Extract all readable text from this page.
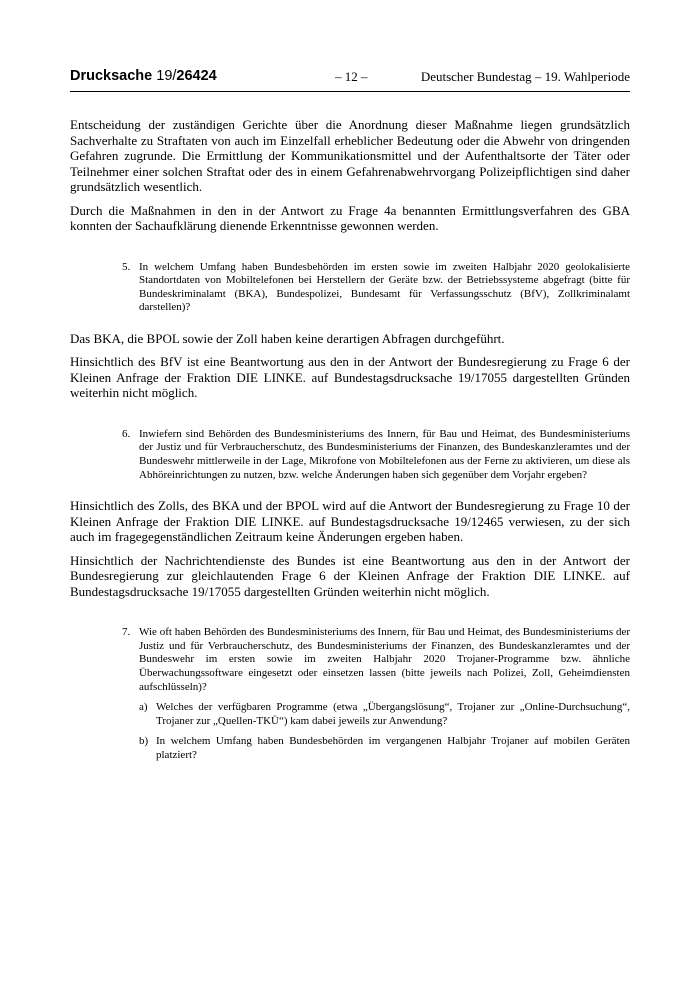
Drucksache 19/26424	– 12 –	Deutscher Bundestag – 19. Wahlperiode

Entscheidung der zuständigen Gerichte über die Anordnung dieser Maßnahme liegen grundsätzlich Sachverhalte zu Straftaten von auch im Einzelfall erheblicher Bedeutung oder die Abwehr von dringenden Gefahren zugrunde. Die Ermittlung der Kommunikationsmittel und der Aufenthaltsorte der Täter oder Teilnehmer einer solchen Straftat oder des in einem Gefahrenabwehrvorgang Polizeipflichtigen sind daher grundsätzlich wesentlich.

Durch die Maßnahmen in den in der Antwort zu Frage 4a benannten Ermittlungsverfahren des GBA konnten der Sachaufklärung dienende Erkenntnisse gewonnen werden.

5. In welchem Umfang haben Bundesbehörden im ersten sowie im zweiten Halbjahr 2020 geolokalisierte Standortdaten von Mobiltelefonen bei Herstellern der Geräte bzw. der Betriebssysteme abgefragt (bitte für Bundeskriminalamt (BKA), Bundespolizei, Bundesamt für Verfassungsschutz (BfV), Zollkriminalamt darstellen)?

Das BKA, die BPOL sowie der Zoll haben keine derartigen Abfragen durchgeführt.

Hinsichtlich des BfV ist eine Beantwortung aus den in der Antwort der Bundesregierung zu Frage 6 der Kleinen Anfrage der Fraktion DIE LINKE. auf Bundestagsdrucksache 19/17055 dargestellten Gründen weiterhin nicht möglich.

6. Inwiefern sind Behörden des Bundesministeriums des Innern, für Bau und Heimat, des Bundesministeriums der Justiz und für Verbraucherschutz, des Bundesministeriums der Finanzen, des Bundeskanzleramtes und der Bundeswehr mittlerweile in der Lage, Mikrofone von Mobiltelefonen aus der Ferne zu aktivieren, um diese als Abhöreinrichtungen zu nutzen, bzw. welche Änderungen haben sich gegenüber dem Vorjahr ergeben?

Hinsichtlich des Zolls, des BKA und der BPOL wird auf die Antwort der Bundesregierung zu Frage 10 der Kleinen Anfrage der Fraktion DIE LINKE. auf Bundestagsdrucksache 19/12465 verwiesen, zu der sich auch im fragegegenständlichen Zeitraum keine Änderungen ergeben haben.

Hinsichtlich der Nachrichtendienste des Bundes ist eine Beantwortung aus den in der Antwort der Bundesregierung zur gleichlautenden Frage 6 der Kleinen Anfrage der Fraktion DIE LINKE. auf Bundestagsdrucksache 19/17055 dargestellten Gründen weiterhin nicht möglich.

7. Wie oft haben Behörden des Bundesministeriums des Innern, für Bau und Heimat, des Bundesministeriums der Justiz und für Verbraucherschutz, des Bundesministeriums der Finanzen, des Bundeskanzleramtes und der Bundeswehr im ersten sowie im zweiten Halbjahr 2020 Trojaner-Programme bzw. ähnliche Überwachungssoftware eingesetzt oder einsetzen lassen (bitte jeweils nach Polizei, Zoll, Geheimdiensten aufschlüsseln)?
a) Welches der verfügbaren Programme (etwa „Übergangslösung“, Trojaner zur „Online-Durchsuchung“, Trojaner zur „Quellen-TKÜ“) kam dabei jeweils zur Anwendung?
b) In welchem Umfang haben Bundesbehörden im vergangenen Halbjahr Trojaner auf mobilen Geräten platziert?
